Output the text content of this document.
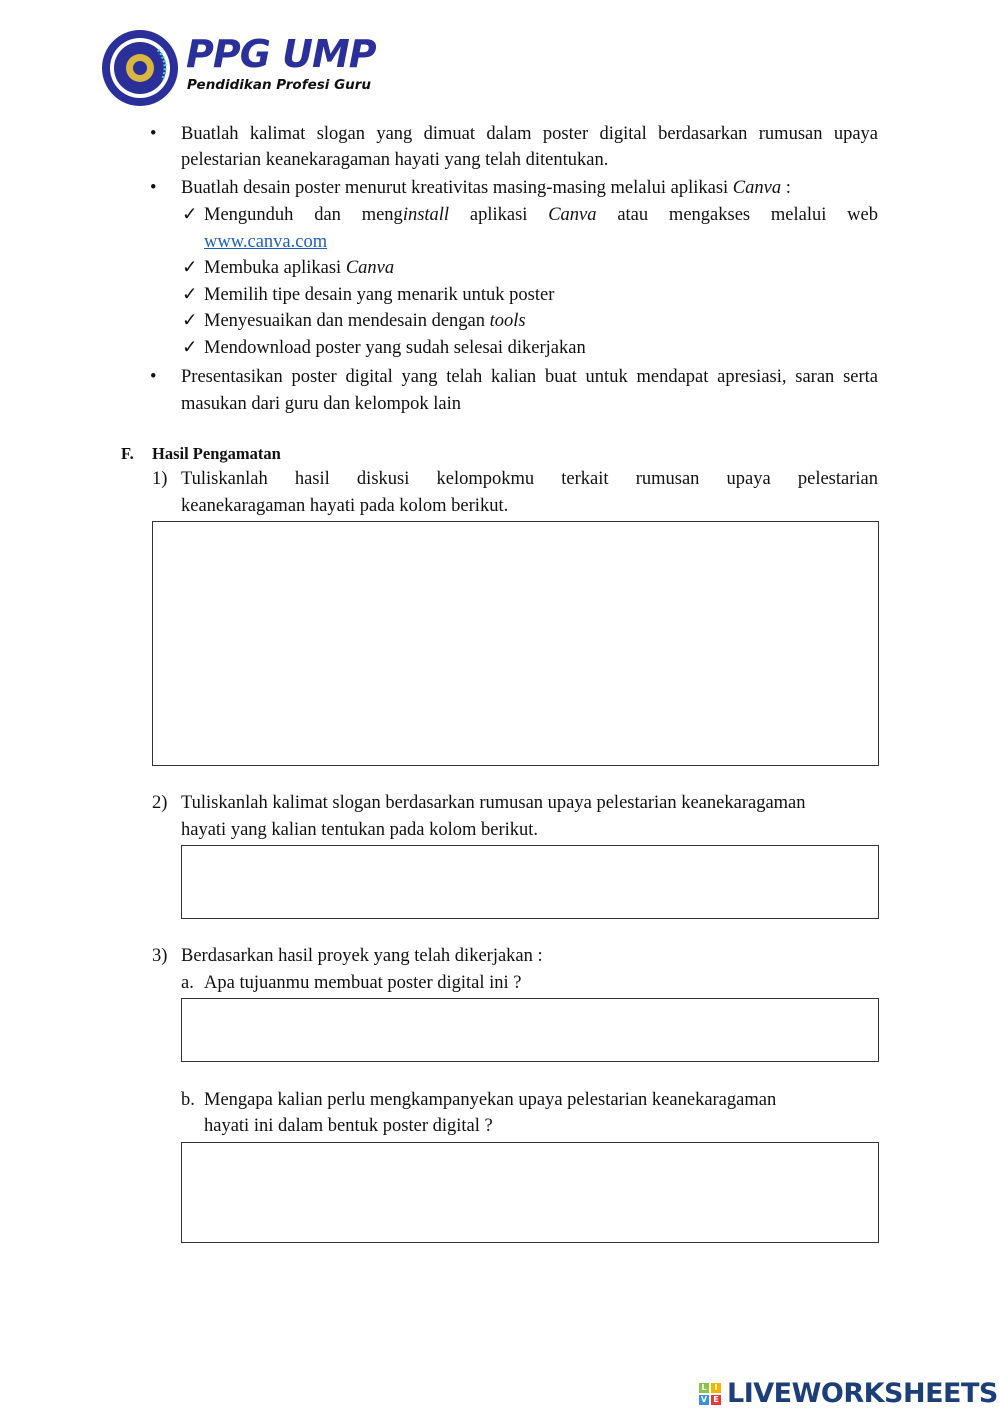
PPG UMP
Pendidikan Profesi Guru
• Buatlah kalimat slogan yang dimuat dalam poster digital berdasarkan rumusan upaya
pelestarian keanekaragaman hayati yang telah ditentukan.
• Buatlah desain poster menurut kreativitas masing-masing melalui aplikasi Canva :
✓ Mengunduh dan menginstall aplikasi Canva atau mengakses melalui web
www.canva.com
✓ Membuka aplikasi Canva
✓ Memilih tipe desain yang menarik untuk poster
✓ Menyesuaikan dan mendesain dengan tools
✓ Mendownload poster yang sudah selesai dikerjakan
• Presentasikan poster digital yang telah kalian buat untuk mendapat apresiasi, saran serta
masukan dari guru dan kelompok lain
F. Hasil Pengamatan
1) Tuliskanlah hasil diskusi kelompokmu terkait rumusan upaya pelestarian
keanekaragaman hayati pada kolom berikut.
2) Tuliskanlah kalimat slogan berdasarkan rumusan upaya pelestarian keanekaragaman
hayati yang kalian tentukan pada kolom berikut.
3) Berdasarkan hasil proyek yang telah dikerjakan :
a. Apa tujuanmu membuat poster digital ini ?
b. Mengapa kalian perlu mengkampanyekan upaya pelestarian keanekaragaman
hayati ini dalam bentuk poster digital ?
L IV E LIVEWORKSHEETS
